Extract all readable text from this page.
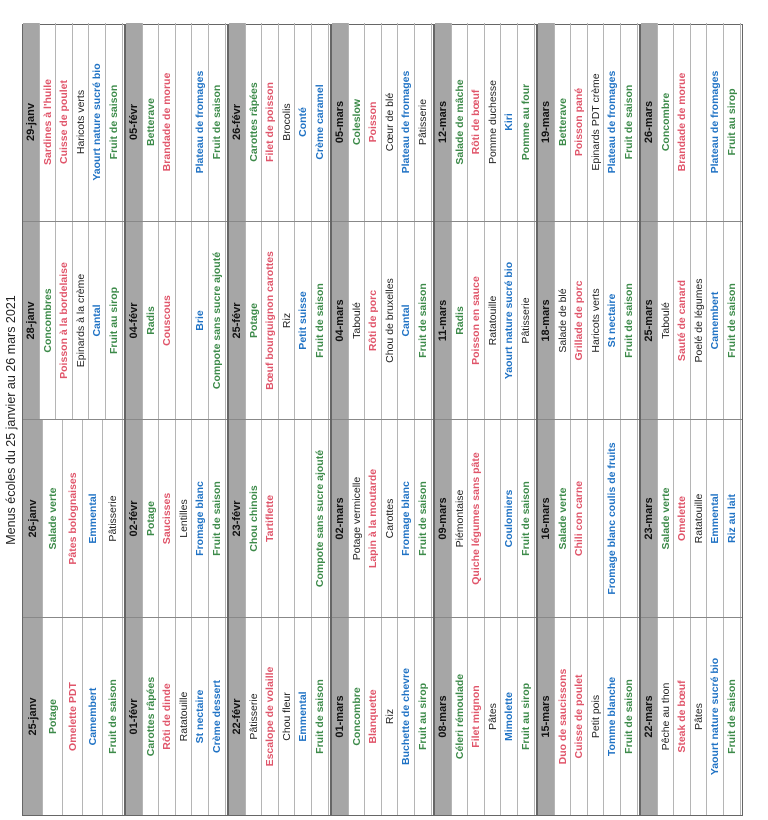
Menus écoles du 25 janvier au 26 mars 2021
25-janv Potage Omelette PDT Camembert Fruit de saison
26-janv Salade verte Pâtes bolognaises Emmental Pâtisserie
28-janv Concombres Poisson à la bordelaise Epinards à la crème Cantal Fruit au sirop
29-janv Sardines à l'huile Cuisse de poulet Haricots verts Yaourt nature sucré bio Fruit de saison
01-févr Carottes râpées Rôti de dinde Ratatouille St nectaire Crème dessert
02-févr Potage Saucisses Lentilles Fromage blanc Fruit de saison
04-févr Radis Couscous Brie Compote sans sucre ajouté
05-févr Betterave Brandade de morue Plateau de fromages Fruit de saison
22-févr Pâtisserie Escalope de volaille Chou fleur Emmental Fruit de saison
23-févr Chou chinois Tartiflette	Compote sans sucre ajouté
25-févr Potage Bœuf bourguignon carottes Riz Petit suisse Fruit de saison
26-févr Carottes râpées Filet de poisson Brocolis Conté Crème caramel
01-mars Concombre Blanquette Riz Buchette de chevre Fruit au sirop
02-mars Potage vermicelle Lapin à la moutarde Carottes Fromage blanc Fruit de saison
04-mars Taboulé Rôti de porc Chou de bruxelles Cantal Fruit de saison
05-mars Coleslow Poisson Cœur de blé Plateau de fromages Pâtisserie
08-mars Céleri rémoulade Filet mignon Pâtes Mimolette Fruit au sirop
09-mars Piémontaise Quiche légumes sans pâte Coulomiers Fruit de saison
11-mars Radis Poisson en sauce Ratatouille Yaourt nature sucré bio Pâtisserie
12-mars Salade de mâche Rôti de bœuf Pomme duchesse Kiri Pomme au four
15-mars Duo de saucissons Cuisse de poulet Petit pois Tomme blanche Fruit de saison
16-mars Salade verte Chili con carne Fromage blanc coulis de fruits
18-mars Salade de blé Grillade de porc Haricots verts St nectaire Fruit de saison
19-mars Betterave Poisson pané Epinards PDT crème Plateau de fromages Fruit de saison
22-mars Pêche au thon Steak de bœuf Pâtes Yaourt nature sucré bio Fruit de saison
23-mars Salade verte Omelette Ratatouille Emmental Riz au lait
25-mars Taboulé Sauté de canard Poelé de légumes Camembert Fruit de saison
26-mars Concombre Brandade de morue Plateau de fromages Fruit au sirop
